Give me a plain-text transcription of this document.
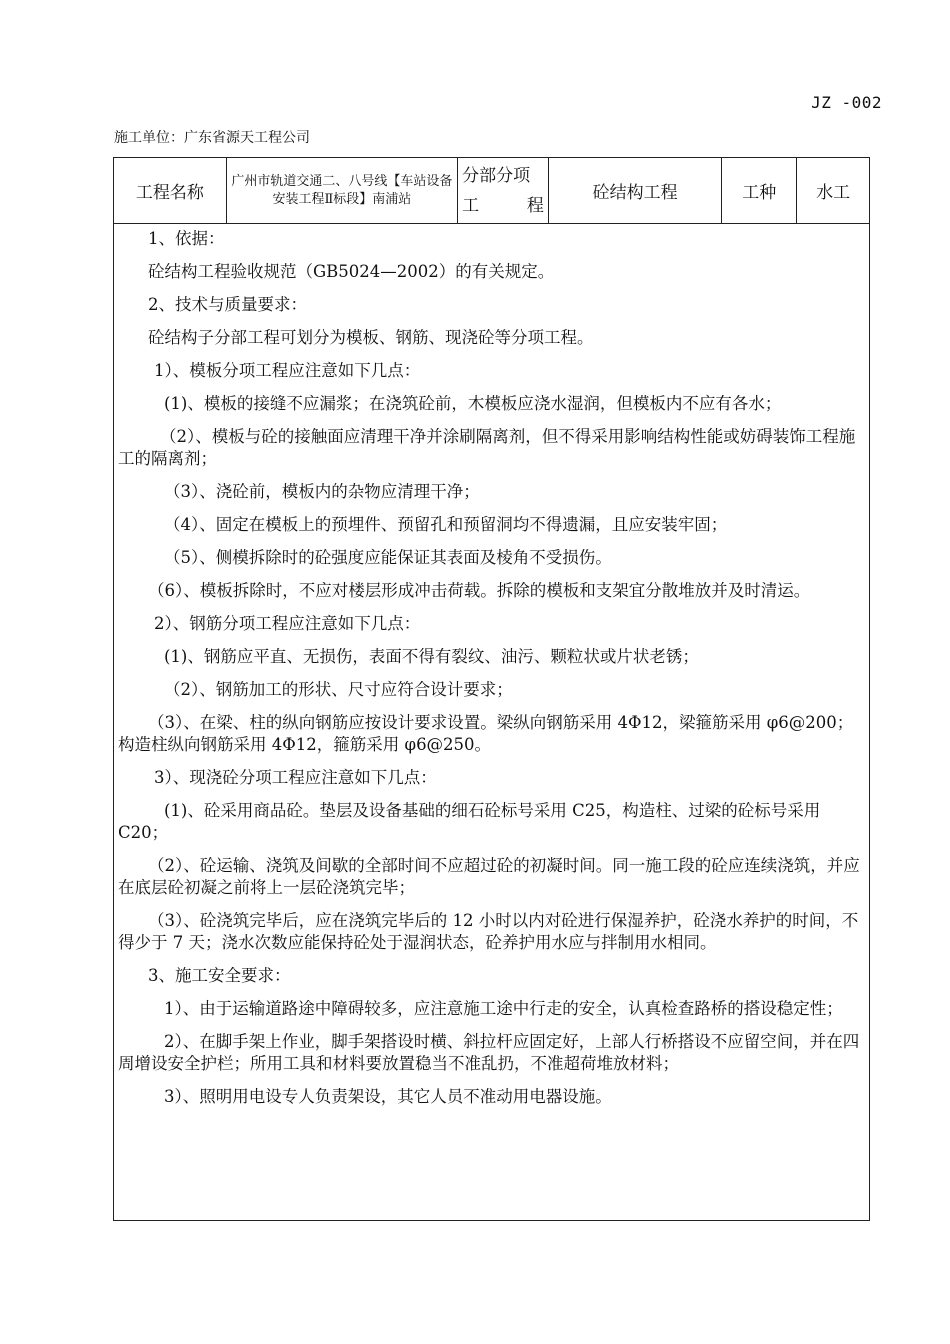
JZ -002
施工单位：广东省源天工程公司
工程名称
广州市轨道交通二、八号线【车站设备安装工程Ⅱ标段】南浦站
分部分项
工　　程
砼结构工程	工种	水工
1、依据：
砼结构工程验收规范（GB5024—2002）的有关规定。
2、技术与质量要求：
砼结构子分部工程可划分为模板、钢筋、现浇砼等分项工程。
1）、模板分项工程应注意如下几点：
(1)、模板的接缝不应漏浆；在浇筑砼前，木模板应浇水湿润，但模板内不应有各水；
（2）、模板与砼的接触面应清理干净并涂刷隔离剂，但不得采用影响结构性能或妨碍装饰工程施工的隔离剂；
（3）、浇砼前，模板内的杂物应清理干净；
（4）、固定在模板上的预埋件、预留孔和预留洞均不得遗漏，且应安装牢固；
（5）、侧模拆除时的砼强度应能保证其表面及棱角不受损伤。
（6）、模板拆除时，不应对楼层形成冲击荷载。拆除的模板和支架宜分散堆放并及时清运。
2）、钢筋分项工程应注意如下几点：
(1)、钢筋应平直、无损伤，表面不得有裂纹、油污、颗粒状或片状老锈；
（2）、钢筋加工的形状、尺寸应符合设计要求；
（3）、在梁、柱的纵向钢筋应按设计要求设置。梁纵向钢筋采用 4Φ12，梁箍筋采用 φ6@200；构造柱纵向钢筋采用 4Φ12，箍筋采用 φ6@250。
3）、现浇砼分项工程应注意如下几点：
(1)、砼采用商品砼。垫层及设备基础的细石砼标号采用 C25，构造柱、过梁的砼标号采用 C20；
（2）、砼运输、浇筑及间歇的全部时间不应超过砼的初凝时间。同一施工段的砼应连续浇筑，并应在底层砼初凝之前将上一层砼浇筑完毕；
（3）、砼浇筑完毕后，应在浇筑完毕后的 12 小时以内对砼进行保湿养护，砼浇水养护的时间，不得少于 7 天；浇水次数应能保持砼处于湿润状态，砼养护用水应与拌制用水相同。
3、施工安全要求：
1）、由于运输道路途中障碍较多，应注意施工途中行走的安全，认真检查路桥的搭设稳定性；
2）、在脚手架上作业，脚手架搭设时横、斜拉杆应固定好，上部人行桥搭设不应留空间，并在四周增设安全护栏；所用工具和材料要放置稳当不准乱扔，不准超荷堆放材料；
3）、照明用电设专人负责架设，其它人员不准动用电器设施。
